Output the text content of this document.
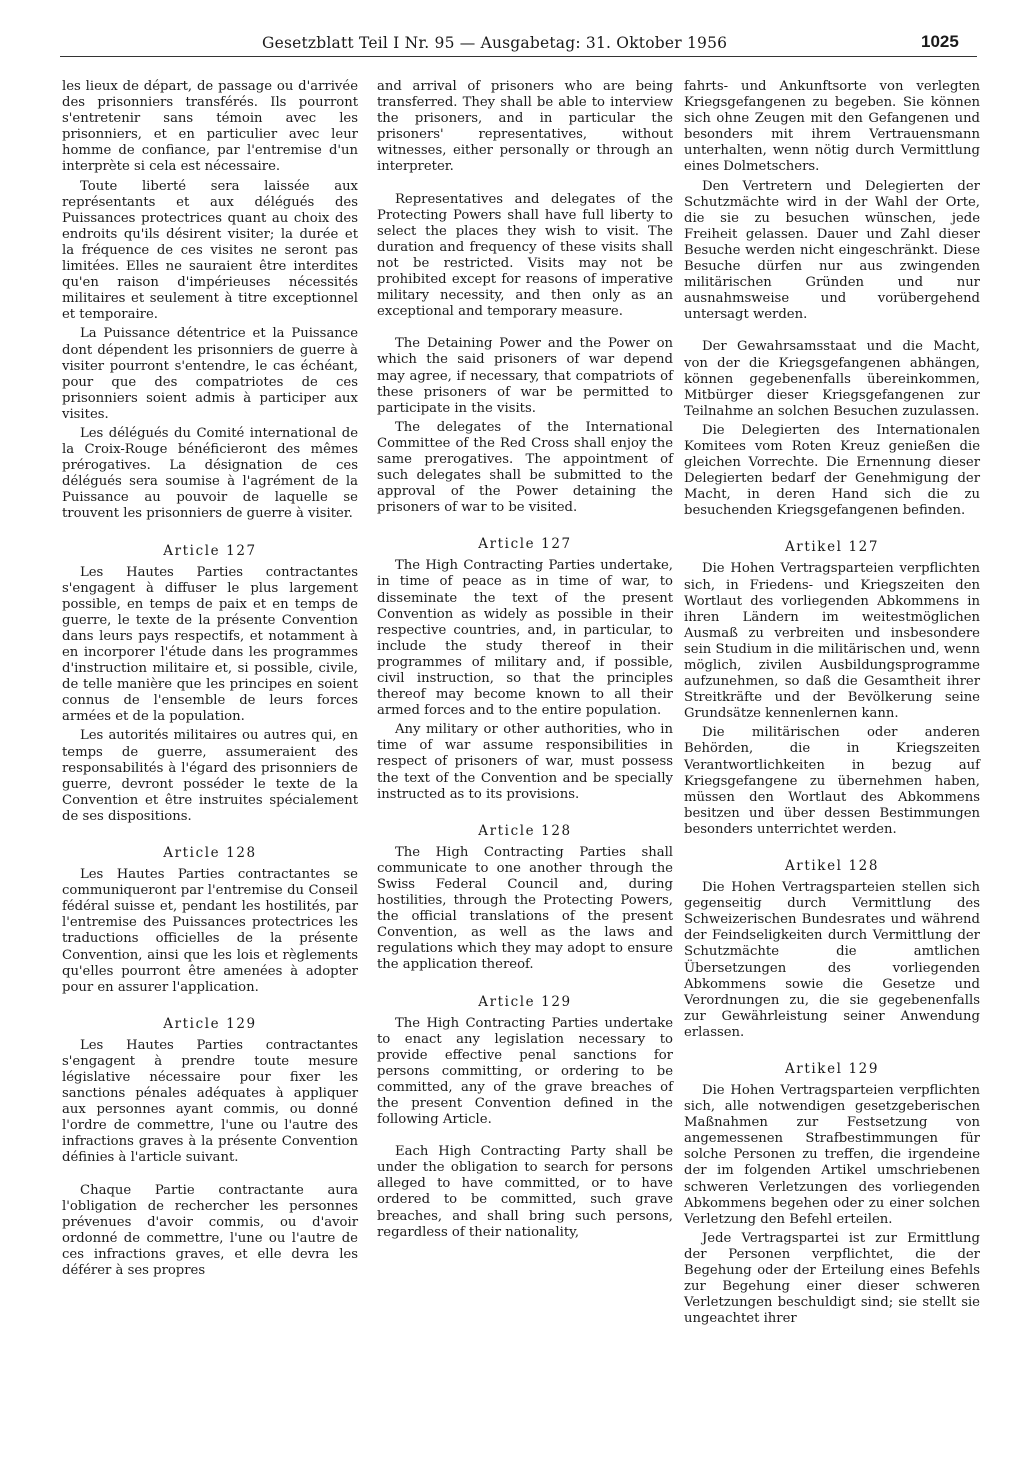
Gesetzblatt Teil I Nr. 95 — Ausgabetag: 31. Oktober 1956	1025

les lieux de départ, de passage ou d'arrivée des prisonniers transférés. Ils pourront s'entretenir sans témoin avec les prisonniers, et en particulier avec leur homme de confiance, par l'entremise d'un interprète si cela est nécessaire.

Toute liberté sera laissée aux représentants et aux délégués des Puissances protectrices quant au choix des endroits qu'ils désirent visiter; la durée et la fréquence de ces visites ne seront pas limitées. Elles ne sauraient être interdites qu'en raison d'impérieuses nécessités militaires et seulement à titre exceptionnel et temporaire.

La Puissance détentrice et la Puissance dont dépendent les prisonniers de guerre à visiter pourront s'entendre, le cas échéant, pour que des compatriotes de ces prisonniers soient admis à participer aux visites.

Les délégués du Comité international de la Croix-Rouge bénéficieront des mêmes prérogatives. La désignation de ces délégués sera soumise à l'agrément de la Puissance au pouvoir de laquelle se trouvent les prisonniers de guerre à visiter.

Article 127

Les Hautes Parties contractantes s'engagent à diffuser le plus largement possible, en temps de paix et en temps de guerre, le texte de la présente Convention dans leurs pays respectifs, et notamment à en incorporer l'étude dans les programmes d'instruction militaire et, si possible, civile, de telle manière que les principes en soient connus de l'ensemble de leurs forces armées et de la population.

Les autorités militaires ou autres qui, en temps de guerre, assumeraient des responsabilités à l'égard des prisonniers de guerre, devront posséder le texte de la Convention et être instruites spécialement de ses dispositions.

Article 128

Les Hautes Parties contractantes se communiqueront par l'entremise du Conseil fédéral suisse et, pendant les hostilités, par l'entremise des Puissances protectrices les traductions officielles de la présente Convention, ainsi que les lois et règlements qu'elles pourront être amenées à adopter pour en assurer l'application.

Article 129

Les Hautes Parties contractantes s'engagent à prendre toute mesure législative nécessaire pour fixer les sanctions pénales adéquates à appliquer aux personnes ayant commis, ou donné l'ordre de commettre, l'une ou l'autre des infractions graves à la présente Convention définies à l'article suivant.

Chaque Partie contractante aura l'obligation de rechercher les personnes prévenues d'avoir commis, ou d'avoir ordonné de commettre, l'une ou l'autre de ces infractions graves, et elle devra les déférer à ses propres

and arrival of prisoners who are being transferred. They shall be able to interview the prisoners, and in particular the prisoners' representatives, without witnesses, either personally or through an interpreter.

Representatives and delegates of the Protecting Powers shall have full liberty to select the places they wish to visit. The duration and frequency of these visits shall not be restricted. Visits may not be prohibited except for reasons of imperative military necessity, and then only as an exceptional and temporary measure.

The Detaining Power and the Power on which the said prisoners of war depend may agree, if necessary, that compatriots of these prisoners of war be permitted to participate in the visits.

The delegates of the International Committee of the Red Cross shall enjoy the same prerogatives. The appointment of such delegates shall be submitted to the approval of the Power detaining the prisoners of war to be visited.

Article 127

The High Contracting Parties undertake, in time of peace as in time of war, to disseminate the text of the present Convention as widely as possible in their respective countries, and, in particular, to include the study thereof in their programmes of military and, if possible, civil instruction, so that the principles thereof may become known to all their armed forces and to the entire population.

Any military or other authorities, who in time of war assume responsibilities in respect of prisoners of war, must possess the text of the Convention and be specially instructed as to its provisions.

Article 128

The High Contracting Parties shall communicate to one another through the Swiss Federal Council and, during hostilities, through the Protecting Powers, the official translations of the present Convention, as well as the laws and regulations which they may adopt to ensure the application thereof.

Article 129

The High Contracting Parties undertake to enact any legislation necessary to provide effective penal sanctions for persons committing, or ordering to be committed, any of the grave breaches of the present Convention defined in the following Article.

Each High Contracting Party shall be under the obligation to search for persons alleged to have committed, or to have ordered to be committed, such grave breaches, and shall bring such persons, regardless of their nationality,

fahrts- und Ankunftsorte von verlegten Kriegsgefangenen zu begeben. Sie können sich ohne Zeugen mit den Gefangenen und besonders mit ihrem Vertrauensmann unterhalten, wenn nötig durch Vermittlung eines Dolmetschers.

Den Vertretern und Delegierten der Schutzmächte wird in der Wahl der Orte, die sie zu besuchen wünschen, jede Freiheit gelassen. Dauer und Zahl dieser Besuche werden nicht eingeschränkt. Diese Besuche dürfen nur aus zwingenden militärischen Gründen und nur ausnahmsweise und vorübergehend untersagt werden.

Der Gewahrsamsstaat und die Macht, von der die Kriegsgefangenen abhängen, können gegebenenfalls übereinkommen, Mitbürger dieser Kriegsgefangenen zur Teilnahme an solchen Besuchen zuzulassen.

Die Delegierten des Internationalen Komitees vom Roten Kreuz genießen die gleichen Vorrechte. Die Ernennung dieser Delegierten bedarf der Genehmigung der Macht, in deren Hand sich die zu besuchenden Kriegsgefangenen befinden.

Artikel 127

Die Hohen Vertragsparteien verpflichten sich, in Friedens- und Kriegszeiten den Wortlaut des vorliegenden Abkommens in ihren Ländern im weitestmöglichen Ausmaß zu verbreiten und insbesondere sein Studium in die militärischen und, wenn möglich, zivilen Ausbildungsprogramme aufzunehmen, so daß die Gesamtheit ihrer Streitkräfte und der Bevölkerung seine Grundsätze kennenlernen kann.

Die militärischen oder anderen Behörden, die in Kriegszeiten Verantwortlichkeiten in bezug auf Kriegsgefangene zu übernehmen haben, müssen den Wortlaut des Abkommens besitzen und über dessen Bestimmungen besonders unterrichtet werden.

Artikel 128

Die Hohen Vertragsparteien stellen sich gegenseitig durch Vermittlung des Schweizerischen Bundesrates und während der Feindseligkeiten durch Vermittlung der Schutzmächte die amtlichen Übersetzungen des vorliegenden Abkommens sowie die Gesetze und Verordnungen zu, die sie gegebenenfalls zur Gewährleistung seiner Anwendung erlassen.

Artikel 129

Die Hohen Vertragsparteien verpflichten sich, alle notwendigen gesetzgeberischen Maßnahmen zur Festsetzung von angemessenen Strafbestimmungen für solche Personen zu treffen, die irgendeine der im folgenden Artikel umschriebenen schweren Verletzungen des vorliegenden Abkommens begehen oder zu einer solchen Verletzung den Befehl erteilen.

Jede Vertragspartei ist zur Ermittlung der Personen verpflichtet, die der Begehung oder der Erteilung eines Befehls zur Begehung einer dieser schweren Verletzungen beschuldigt sind; sie stellt sie ungeachtet ihrer
